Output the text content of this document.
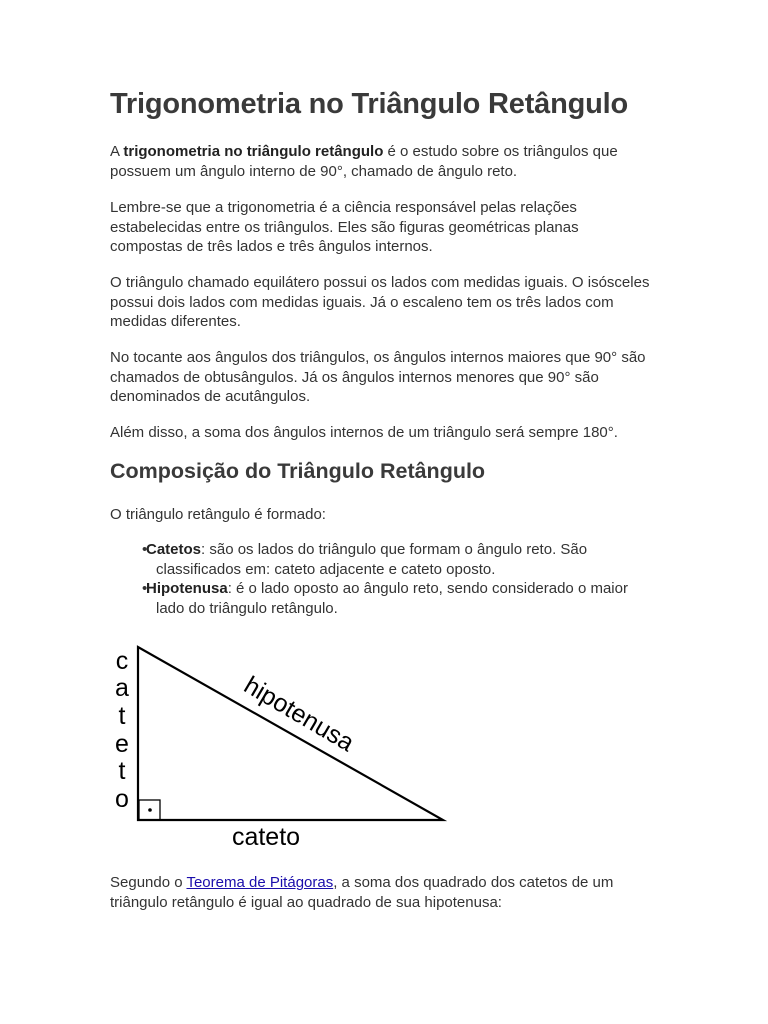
Trigonometria no Triângulo Retângulo

A trigonometria no triângulo retângulo é o estudo sobre os triângulos que possuem um ângulo interno de 90°, chamado de ângulo reto.

Lembre-se que a trigonometria é a ciência responsável pelas relações estabelecidas entre os triângulos. Eles são figuras geométricas planas compostas de três lados e três ângulos internos.

O triângulo chamado equilátero possui os lados com medidas iguais. O isósceles possui dois lados com medidas iguais. Já o escaleno tem os três lados com medidas diferentes.

No tocante aos ângulos dos triângulos, os ângulos internos maiores que 90° são chamados de obtusângulos. Já os ângulos internos menores que 90° são denominados de acutângulos.

Além disso, a soma dos ângulos internos de um triângulo será sempre 180°.

Composição do Triângulo Retângulo

O triângulo retângulo é formado:

•
Catetos: são os lados do triângulo que formam o ângulo reto. São classificados em: cateto adjacente e cateto oposto.
•
Hipotenusa: é o lado oposto ao ângulo reto, sendo considerado o maior lado do triângulo retângulo.
c
a
t
e
t
o
hipotenusa
cateto

Segundo o Teorema de Pitágoras, a soma dos quadrado dos catetos de um triângulo retângulo é igual ao quadrado de sua hipotenusa:
